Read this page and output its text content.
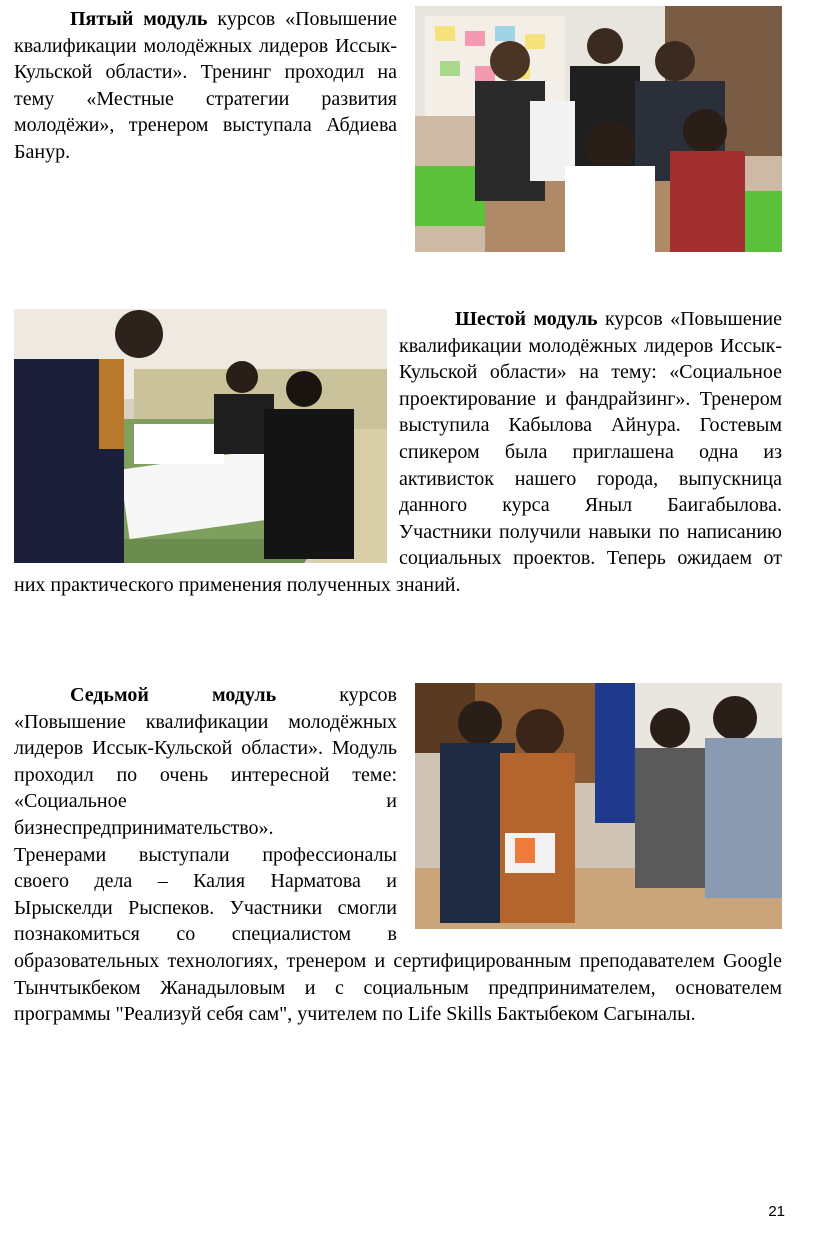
Пятый модуль курсов «Повышение квалификации молодёжных лидеров Иссык-Кульской области». Тренинг проходил на тему «Местные стратегии развития молодёжи», тренером выступала Абдиева Банур.
Шестой модуль курсов «Повышение квалификации молодёжных лидеров Иссык-Кульской области» на тему: «Социальное проектирование и фандрайзинг». Тренером выступила Кабылова Айнура. Гостевым спикером была приглашена одна из активисток нашего города, выпускница данного курса Яныл Баигабылова. Участники получили навыки по написанию социальных проектов. Теперь ожидаем от них практического применения полученных знаний.
Седьмой модуль курсов «Повышение квалификации молодёжных лидеров Иссык-Кульской области». Модуль проходил по очень интересной теме: «Социальное и бизнеспредпринимательство».
Тренерами выступали профессионалы своего дела – Калия Нарматова и Ырыскелди Рыспеков. Участники смогли познакомиться со специалистом в образовательных технологиях, тренером и сертифицированным преподавателем Google Тынчтыкбеком Жанадыловым и с социальным предпринимателем, основателем программы "Реализуй себя сам", учителем по Life Skills Бактыбеком Сагыналы.
21
